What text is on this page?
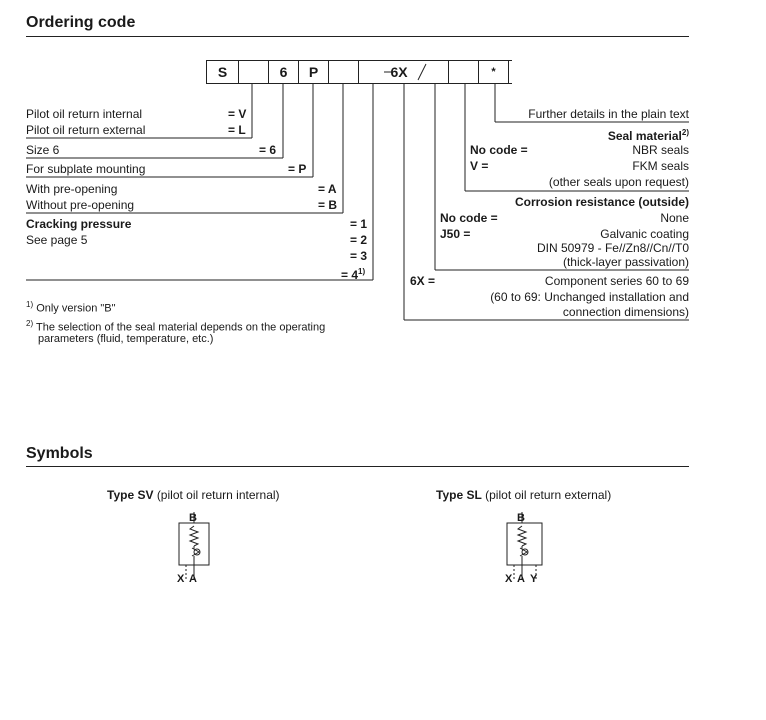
Ordering code
S	6	P	6X	*
Pilot oil return internal	= V
Pilot oil return external	= L
Size 6	= 6
For subplate mounting	= P
With pre-opening	= A
Without pre-opening	= B
Cracking pressure
See page 5
= 1
= 2
= 3
= $4^{1)}$
Further details in the plain text
Seal material$^{2)}$
No code =	NBR seals
V =	FKM seals
(other seals upon request)
Corrosion resistance (outside)
No code =	None
J50 =	Galvanic coating
DIN 50979 - Fe//Zn8//Cn//T0
(thick-layer passivation)
6X =	Component series 60 to 69
(60 to 69: Unchanged installation and
connection dimensions)
$^{1)}$ Only version "B"
$^{2)}$ The selection of the seal material depends on the operating
parameters (fluid, temperature, etc.)
Symbols
Type SV (pilot oil return internal)	Type SL (pilot oil return external)
B
X A
B
X A Y
